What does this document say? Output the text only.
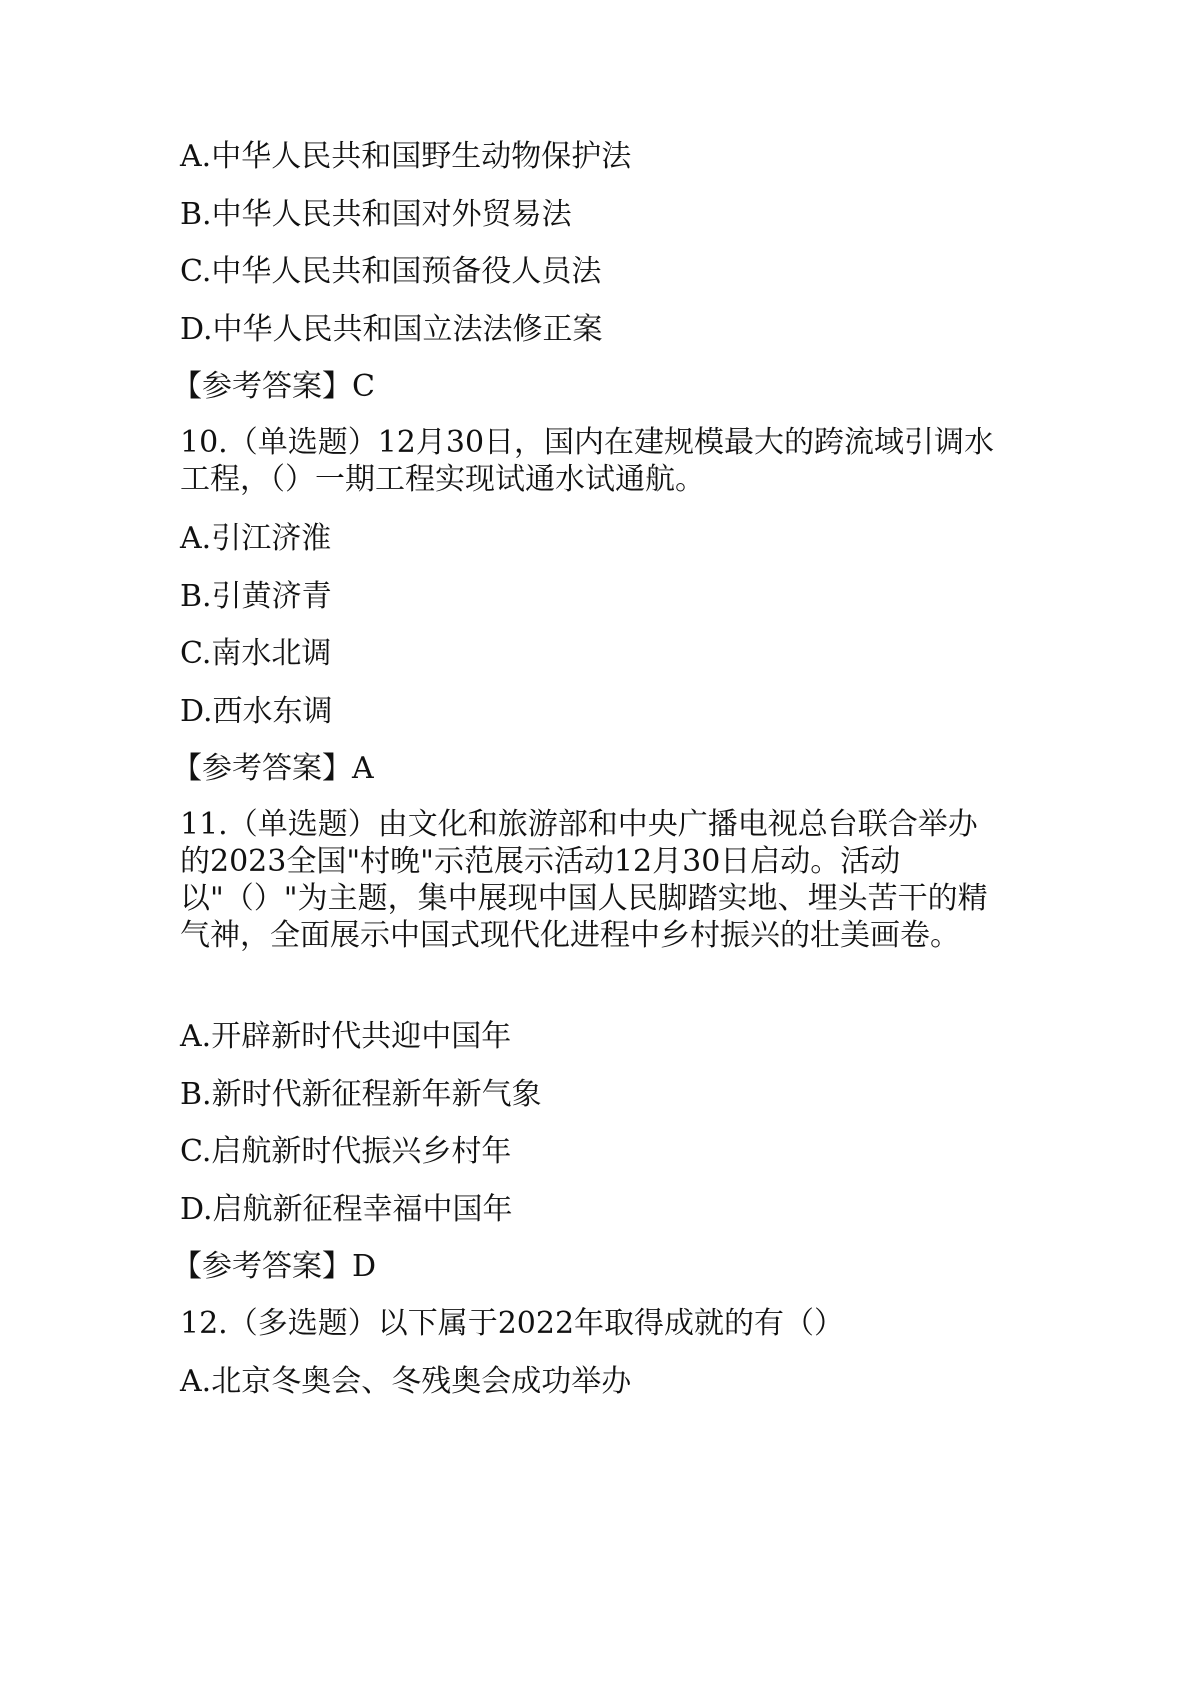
A.中华人民共和国野生动物保护法
B.中华人民共和国对外贸易法
C.中华人民共和国预备役人员法
D.中华人民共和国立法法修正案
【参考答案】C
10.（单选题）12月30日，国内在建规模最大的跨流域引调水工程，（）一期工程实现试通水试通航。
A.引江济淮
B.引黄济青
C.南水北调
D.西水东调
【参考答案】A
11.（单选题）由文化和旅游部和中央广播电视总台联合举办的2023全国"村晚"示范展示活动12月30日启动。活动以"（）"为主题，集中展现中国人民脚踏实地、埋头苦干的精气神，全面展示中国式现代化进程中乡村振兴的壮美画卷。
A.开辟新时代共迎中国年
B.新时代新征程新年新气象
C.启航新时代振兴乡村年
D.启航新征程幸福中国年
【参考答案】D
12.（多选题）以下属于2022年取得成就的有（）
A.北京冬奥会、冬残奥会成功举办
